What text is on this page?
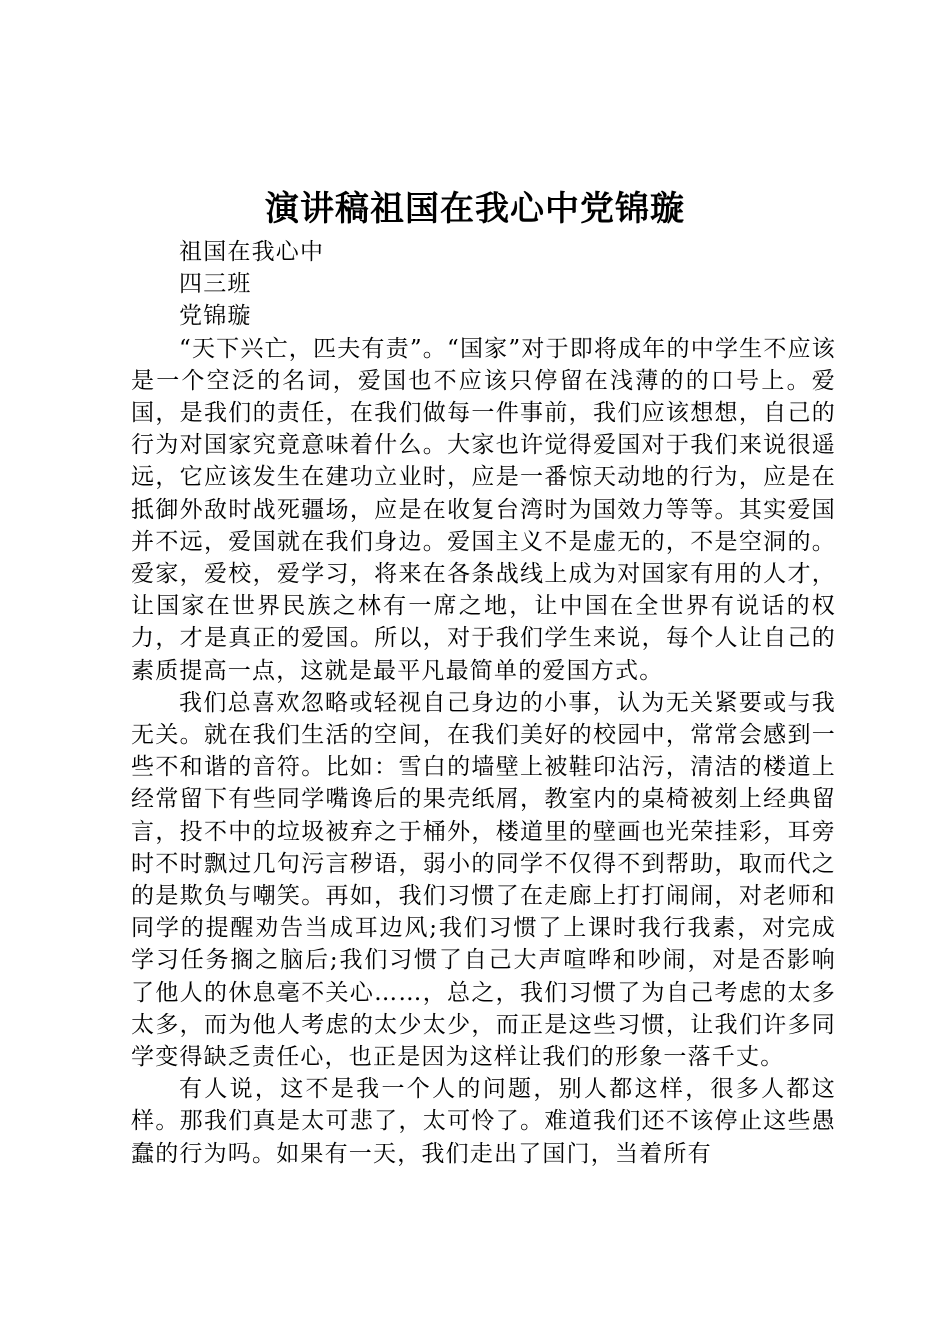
演讲稿祖国在我心中党锦璇

祖国在我心中

四三班

党锦璇

“天下兴亡，匹夫有责”。“国家”对于即将成年的中学生不应该是一个空泛的名词，爱国也不应该只停留在浅薄的的口号上。爱国，是我们的责任，在我们做每一件事前，我们应该想想，自己的行为对国家究竟意味着什么。大家也许觉得爱国对于我们来说很遥远，它应该发生在建功立业时，应是一番惊天动地的行为，应是在抵御外敌时战死疆场，应是在收复台湾时为国效力等等。其实爱国并不远，爱国就在我们身边。爱国主义不是虚无的，不是空洞的。爱家，爱校，爱学习，将来在各条战线上成为对国家有用的人才，让国家在世界民族之林有一席之地，让中国在全世界有说话的权力，才是真正的爱国。所以，对于我们学生来说，每个人让自己的素质提高一点，这就是最平凡最简单的爱国方式。

我们总喜欢忽略或轻视自己身边的小事，认为无关紧要或与我无关。就在我们生活的空间，在我们美好的校园中，常常会感到一些不和谐的音符。比如：雪白的墙壁上被鞋印沾污，清洁的楼道上经常留下有些同学嘴谗后的果壳纸屑，教室内的桌椅被刻上经典留言，投不中的垃圾被弃之于桶外，楼道里的壁画也光荣挂彩，耳旁时不时飘过几句污言秽语，弱小的同学不仅得不到帮助，取而代之的是欺负与嘲笑。再如，我们习惯了在走廊上打打闹闹，对老师和同学的提醒劝告当成耳边风;我们习惯了上课时我行我素，对完成学习任务搁之脑后;我们习惯了自己大声喧哗和吵闹，对是否影响了他人的休息毫不关心……，总之，我们习惯了为自己考虑的太多太多，而为他人考虑的太少太少，而正是这些习惯，让我们许多同学变得缺乏责任心，也正是因为这样让我们的形象一落千丈。

有人说，这不是我一个人的问题，别人都这样，很多人都这样。那我们真是太可悲了，太可怜了。难道我们还不该停止这些愚蠢的行为吗。如果有一天，我们走出了国门，当着所有
